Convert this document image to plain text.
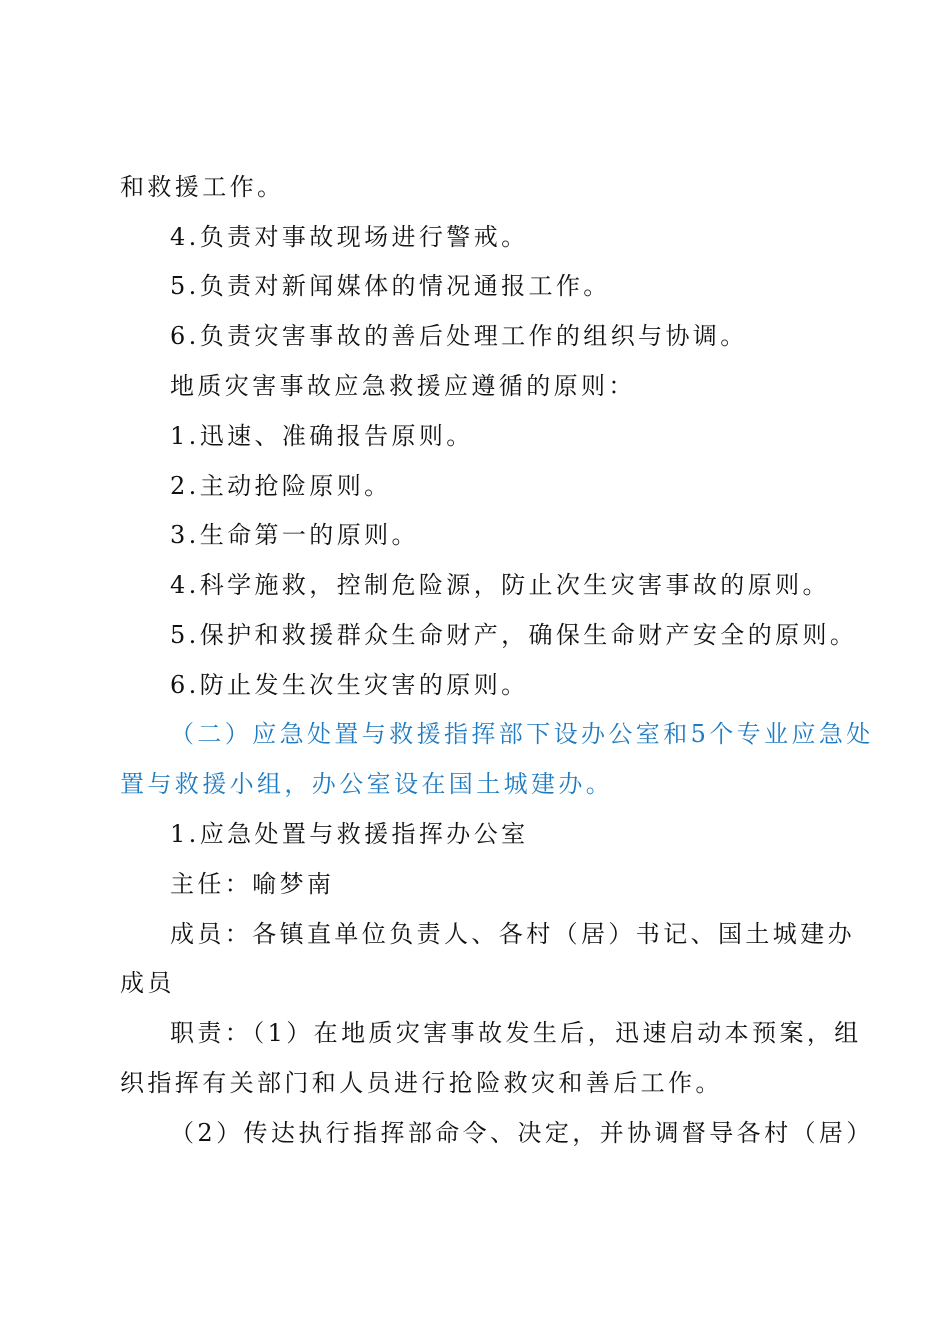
和救援工作。
4.负责对事故现场进行警戒。
5.负责对新闻媒体的情况通报工作。
6.负责灾害事故的善后处理工作的组织与协调。
地质灾害事故应急救援应遵循的原则：
1.迅速、准确报告原则。
2.主动抢险原则。
3.生命第一的原则。
4.科学施救，控制危险源，防止次生灾害事故的原则。
5.保护和救援群众生命财产，确保生命财产安全的原则。
6.防止发生次生灾害的原则。
（二）应急处置与救援指挥部下设办公室和5个专业应急处
置与救援小组，办公室设在国土城建办。
1.应急处置与救援指挥办公室
主任：喻梦南
成员：各镇直单位负责人、各村（居）书记、国土城建办
成员
职责：（1）在地质灾害事故发生后，迅速启动本预案，组
织指挥有关部门和人员进行抢险救灾和善后工作。
（2）传达执行指挥部命令、决定，并协调督导各村（居）
